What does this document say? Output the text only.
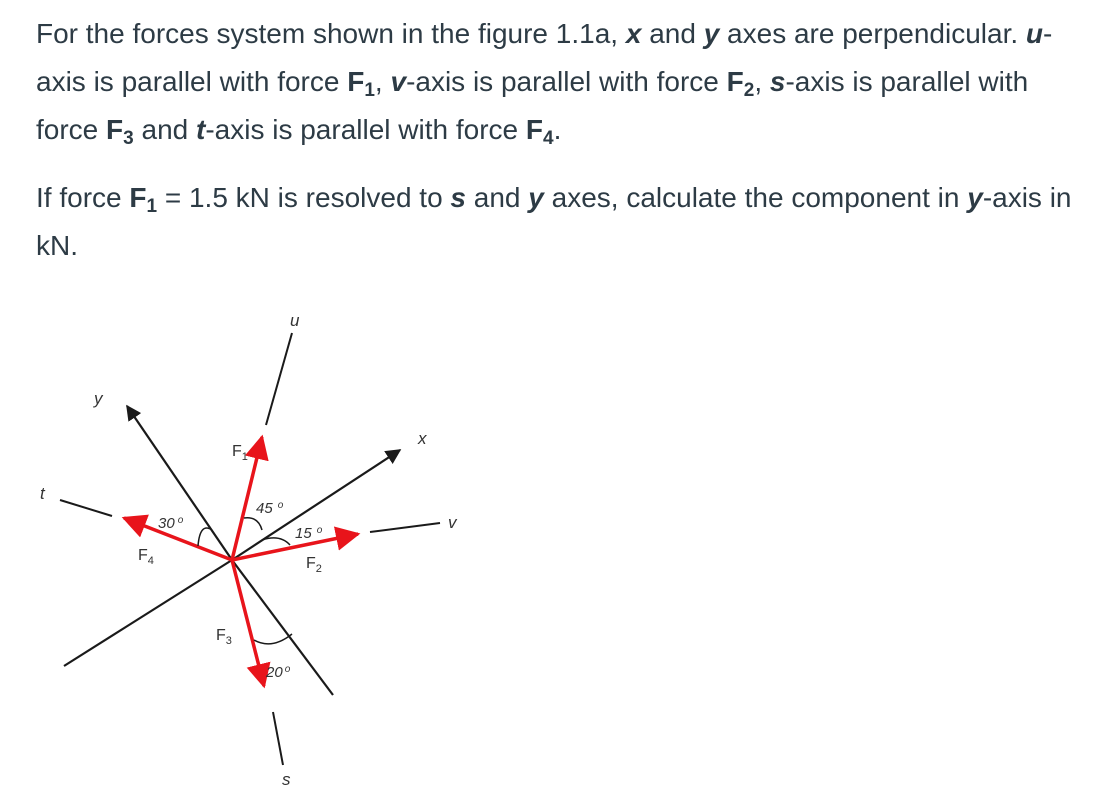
For the forces system shown in the figure 1.1a, x and y axes are perpendicular. u-axis is parallel with force $F_1$, v-axis is parallel with force $F_2$, s-axis is parallel with force $F_3$ and t-axis is parallel with force $F_4$.

If force $F_1 = 1.5$ kN is resolved to s and y axes, calculate the component in y-axis in kN.

u
y
x
t
v
s
$F_1$
$F_2$
$F_3$
$F_4$
30 $^o$
45 $^o$
15 $^o$
20 $^o$
